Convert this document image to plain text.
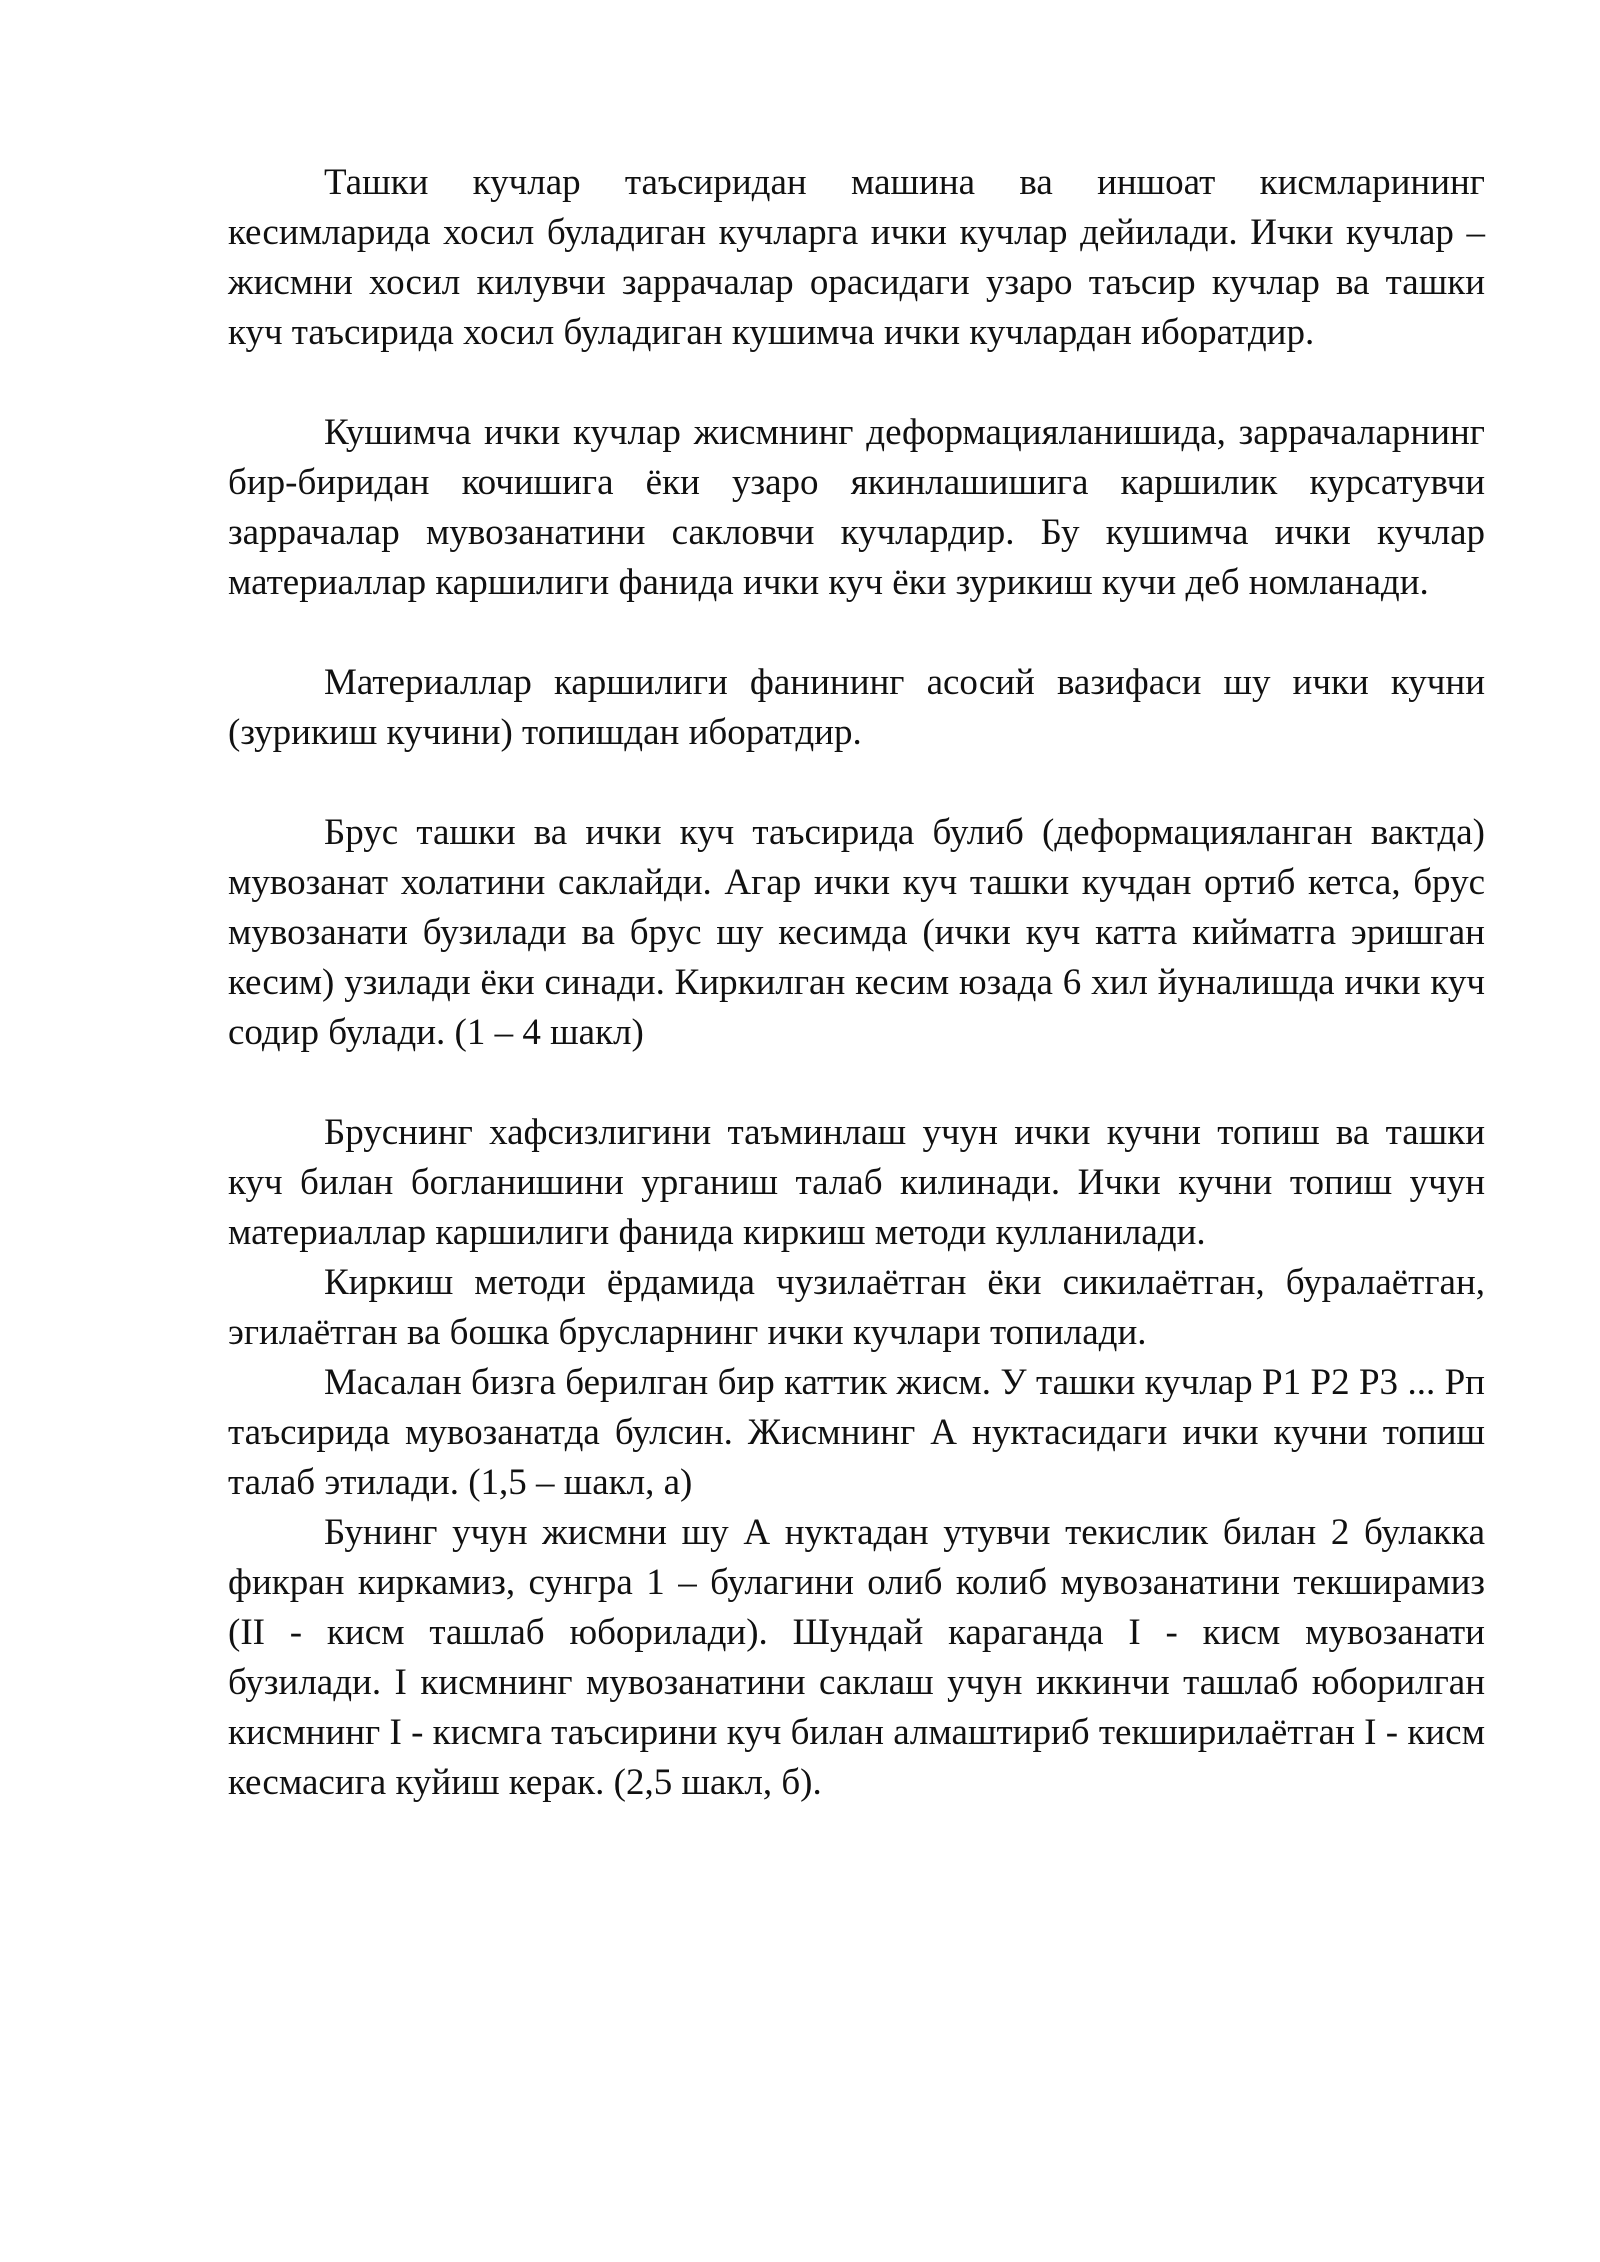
Ташки кучлар таъсиридан машина ва иншоат кисмларининг кесимларида хосил буладиган кучларга ички кучлар дейилади. Ички кучлар – жисмни хосил килувчи заррачалар орасидаги узаро таъсир кучлар ва ташки куч таъсирида хосил буладиган кушимча ички кучлардан иборатдир.

Кушимча ички кучлар жисмнинг деформацияланишида, заррачаларнинг бир-биридан кочишига ёки узаро якинлашишига каршилик курсатувчи заррачалар мувозанатини сакловчи кучлардир. Бу кушимча ички кучлар материаллар каршилиги фанида ички куч ёки зурикиш кучи деб номланади.

Материаллар каршилиги фанининг асосий вазифаси шу ички кучни (зурикиш кучини) топишдан иборатдир.

Брус ташки ва ички куч таъсирида булиб (деформацияланган вактда) мувозанат холатини саклайди. Агар ички куч ташки кучдан ортиб кетса, брус мувозанати бузилади ва брус шу кесимда (ички куч катта кийматга эришган кесим) узилади ёки синади. Киркилган кесим юзада 6 хил йуналишда ички куч содир булади. (1 – 4 шакл)

Бруснинг хафсизлигини таъминлаш учун ички кучни топиш ва ташки куч билан богланишини урганиш талаб килинади. Ички кучни топиш учун материаллар каршилиги фанида киркиш методи кулланилади.

Киркиш методи ёрдамида чузилаётган ёки сикилаётган, буралаётган, эгилаётган ва бошка брусларнинг ички кучлари топилади.

Масалан бизга берилган бир каттик жисм. У ташки кучлар Р1 Р2 Р3 ... Рп таъсирида мувозанатда булсин. Жисмнинг А нуктасидаги ички кучни топиш талаб этилади. (1,5 – шакл, а)

Бунинг учун жисмни шу А нуктадан утувчи текислик билан 2 булакка фикран киркамиз, сунгра 1 – булагини олиб колиб мувозанатини текширамиз (II - кисм ташлаб юборилади). Шундай караганда I - кисм мувозанати бузилади. I кисмнинг мувозанатини саклаш учун иккинчи ташлаб юборилган кисмнинг I - кисмга таъсирини куч билан алмаштириб текширилаётган I - кисм кесмасига куйиш керак. (2,5 шакл, б).
